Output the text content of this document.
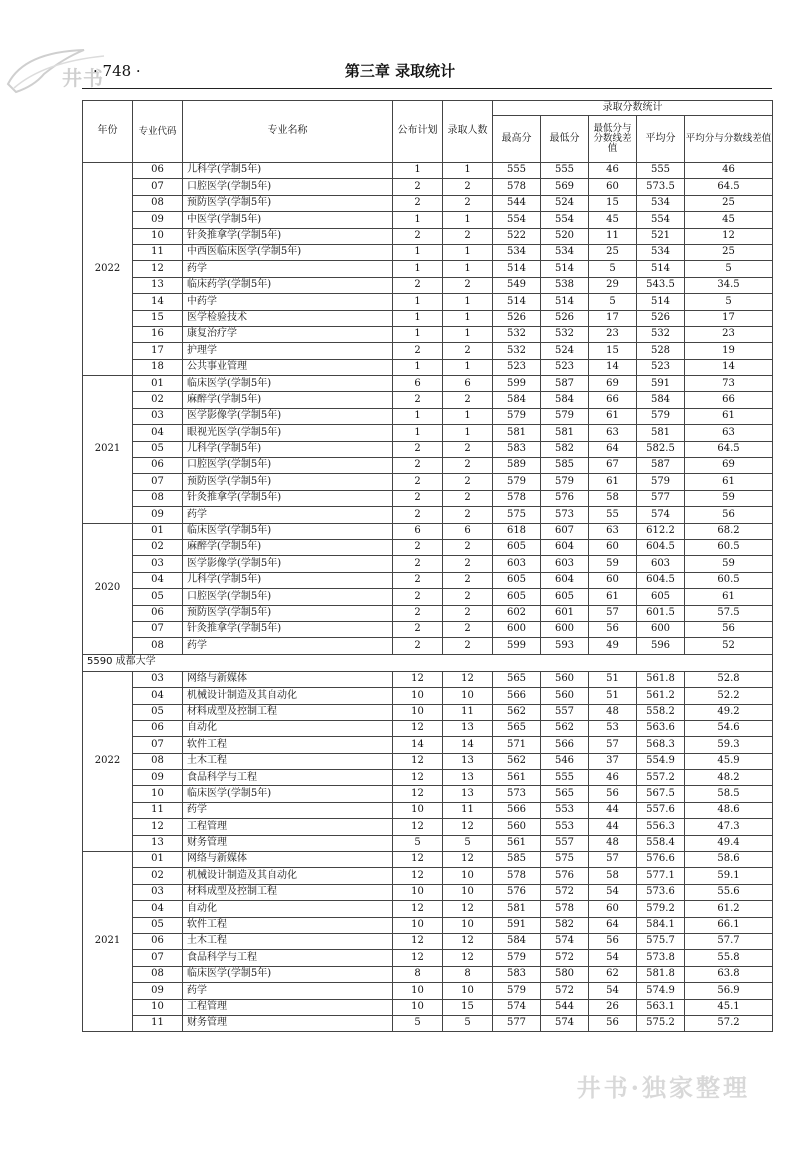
井书
· 748 ·	第三章 录取统计
年份	专业代码	专业名称	公布计划	录取人数	录取分数统计				
					最高分	最低分	最低分与分数线差值	平均分	平均分与分数线差值
2022	06	儿科学(学制5年)	1	1	555	555	46	555	46
	07	口腔医学(学制5年)	2	2	578	569	60	573.5	64.5
	08	预防医学(学制5年)	2	2	544	524	15	534	25
	09	中医学(学制5年)	1	1	554	554	45	554	45
	10	针灸推拿学(学制5年)	2	2	522	520	11	521	12
	11	中西医临床医学(学制5年)	1	1	534	534	25	534	25
	12	药学	1	1	514	514	5	514	5
	13	临床药学(学制5年)	2	2	549	538	29	543.5	34.5
	14	中药学	1	1	514	514	5	514	5
	15	医学检验技术	1	1	526	526	17	526	17
	16	康复治疗学	1	1	532	532	23	532	23
	17	护理学	2	2	532	524	15	528	19
	18	公共事业管理	1	1	523	523	14	523	14
2021	01	临床医学(学制5年)	6	6	599	587	69	591	73
	02	麻醉学(学制5年)	2	2	584	584	66	584	66
	03	医学影像学(学制5年)	1	1	579	579	61	579	61
	04	眼视光医学(学制5年)	1	1	581	581	63	581	63
	05	儿科学(学制5年)	2	2	583	582	64	582.5	64.5
	06	口腔医学(学制5年)	2	2	589	585	67	587	69
	07	预防医学(学制5年)	2	2	579	579	61	579	61
	08	针灸推拿学(学制5年)	2	2	578	576	58	577	59
	09	药学	2	2	575	573	55	574	56
2020	01	临床医学(学制5年)	6	6	618	607	63	612.2	68.2
	02	麻醉学(学制5年)	2	2	605	604	60	604.5	60.5
	03	医学影像学(学制5年)	2	2	603	603	59	603	59
	04	儿科学(学制5年)	2	2	605	604	60	604.5	60.5
	05	口腔医学(学制5年)	2	2	605	605	61	605	61
	06	预防医学(学制5年)	2	2	602	601	57	601.5	57.5
	07	针灸推拿学(学制5年)	2	2	600	600	56	600	56
	08	药学	2	2	599	593	49	596	52
5590 成都大学									
2022	03	网络与新媒体	12	12	565	560	51	561.8	52.8
	04	机械设计制造及其自动化	10	10	566	560	51	561.2	52.2
	05	材料成型及控制工程	10	11	562	557	48	558.2	49.2
	06	自动化	12	13	565	562	53	563.6	54.6
	07	软件工程	14	14	571	566	57	568.3	59.3
	08	土木工程	12	13	562	546	37	554.9	45.9
	09	食品科学与工程	12	13	561	555	46	557.2	48.2
	10	临床医学(学制5年)	12	13	573	565	56	567.5	58.5
	11	药学	10	11	566	553	44	557.6	48.6
	12	工程管理	12	12	560	553	44	556.3	47.3
	13	财务管理	5	5	561	557	48	558.4	49.4
2021	01	网络与新媒体	12	12	585	575	57	576.6	58.6
	02	机械设计制造及其自动化	12	10	578	576	58	577.1	59.1
	03	材料成型及控制工程	10	10	576	572	54	573.6	55.6
	04	自动化	12	12	581	578	60	579.2	61.2
	05	软件工程	10	10	591	582	64	584.1	66.1
	06	土木工程	12	12	584	574	56	575.7	57.7
	07	食品科学与工程	12	12	579	572	54	573.8	55.8
	08	临床医学(学制5年)	8	8	583	580	62	581.8	63.8
	09	药学	10	10	579	572	54	574.9	56.9
	10	工程管理	10	15	574	544	26	563.1	45.1
	11	财务管理	5	5	577	574	56	575.2	57.2
井书·独家整理
